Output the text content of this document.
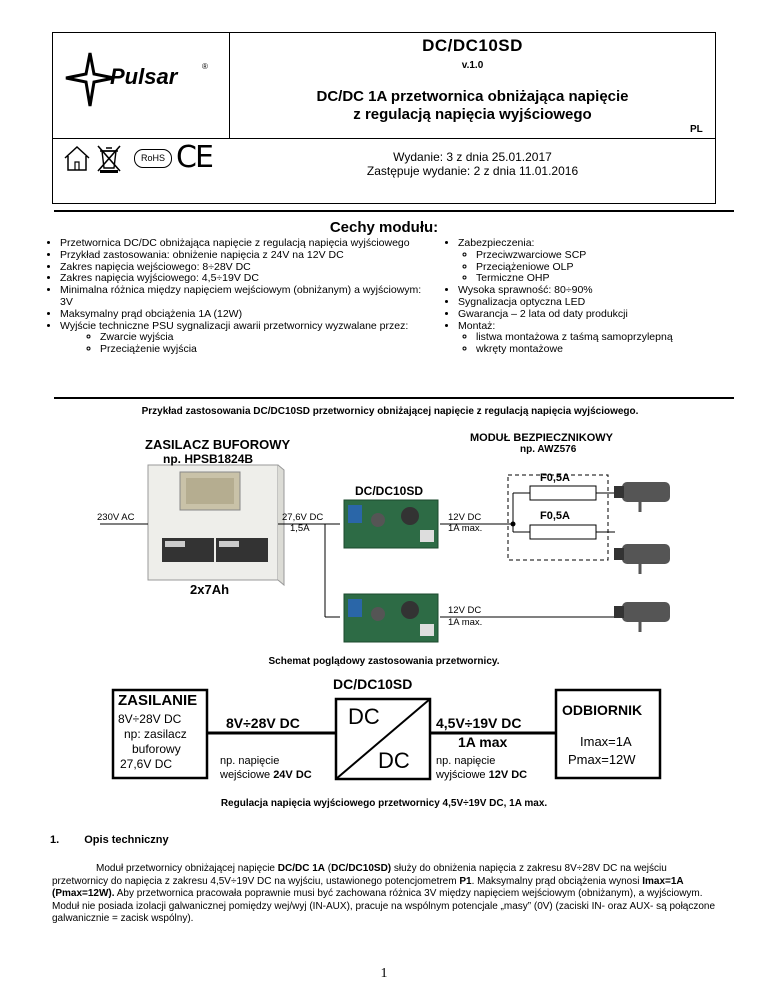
Pulsar	®
DC/DC10SD
v.1.0
DC/DC 1A przetwornica obniżająca napięcie
z regulacją napięcia wyjściowego
PL
RoHS CE	Wydanie: 3 z dnia 25.01.2017
Zastępuje wydanie: 2 z dnia 11.01.2016
Cechy modułu:
• Przetwornica DC/DC obniżająca napięcie z regulacją napięcia wyjściowego
• Przykład zastosowania: obniżenie napięcia z 24V na 12V DC
• Zakres napięcia wejściowego: 8÷28V DC
• Zakres napięcia wyjściowego: 4,5÷19V DC
• Minimalna różnica między napięciem wejściowym (obniżanym) a wyjściowym: 3V
• Maksymalny prąd obciążenia 1A (12W)
• Wyjście techniczne PSU sygnalizacji awarii przetwornicy wyzwalane przez:
◦ Zwarcie wyjścia
◦ Przeciążenie wyjścia
• Zabezpieczenia:
◦ Przeciwzwarciowe SCP
◦ Przeciążeniowe OLP
◦ Termiczne OHP
• Wysoka sprawność: 80÷90%
• Sygnalizacja optyczna LED
• Gwarancja – 2 lata od daty produkcji
• Montaż:
◦ listwa montażowa z taśmą samoprzylepną
◦ wkręty montażowe
Przykład zastosowania DC/DC10SD przetwornicy obniżającej napięcie z regulacją napięcia wyjściowego.
ZASILACZ BUFOROWY
np. HPSB1824B
MODUŁ BEZPIECZNIKOWY
np. AWZ576
DC/DC10SD
230V AC	27,6V DC
1,5A
2x7Ah
12V DC
1A max.
12V DC
1A max.
F0,5A
F0,5A
Schemat poglądowy zastosowania przetwornicy.
DC/DC10SD
ZASILANIE
8V÷28V DC
np: zasilacz
buforowy
27,6V DC
8V÷28V DC
np. napięcie
wejściowe 24V DC
DC
DC
4,5V÷19V DC
1A max
np. napięcie
wyjściowe 12V DC
ODBIORNIK
Imax=1A
Pmax=12W
Regulacja napięcia wyjściowego przetwornicy 4,5V÷19V DC, 1A max.
1. Opis techniczny
Moduł przetwornicy obniżającej napięcie DC/DC 1A (DC/DC10SD) służy do obniżenia napięcia z zakresu 8V÷28V DC na wejściu przetwornicy do napięcia z zakresu 4,5V÷19V DC na wyjściu, ustawionego potencjometrem P1. Maksymalny prąd obciążenia wynosi Imax=1A (Pmax=12W). Aby przetwornica pracowała poprawnie musi być zachowana różnica 3V między napięciem wejściowym (obniżanym), a wyjściowym. Moduł nie posiada izolacji galwanicznej pomiędzy wej/wyj (IN-AUX), pracuje na wspólnym potencjale „masy” (0V) (zaciski IN- oraz AUX- są połączone galwanicznie = zacisk wspólny).
1
